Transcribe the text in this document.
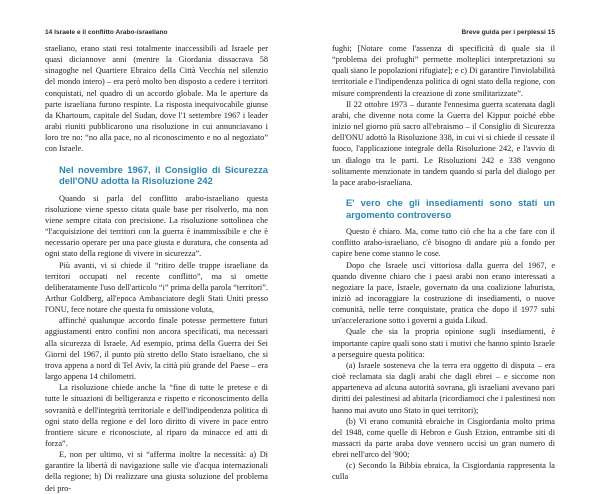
14 Israele e il conflitto Arabo-israeliano

sraeliano, erano stati resi totalmente inaccessibili ad Israele per quasi diciannove anni (mentre la Giordania dissacrava 58 sinagoghe nel Quartiere Ebraico della Città Vecchia nel silenzio del mondo intero) – era però molto ben disposto a cedere i territori conquistati, nel quadro di un accordo globale. Ma le aperture da parte israeliana furono respinte. La risposta inequivocabile giunse da Khartoum, capitale del Sudan, dove l'1 settembre 1967 i leader arabi riuniti pubblicarono una risoluzione in cui annunciavano i loro tre no: “no alla pace, no al riconoscimento e no al negoziato” con Israele.

Nel novembre 1967, il Consiglio di Sicurezza dell'ONU adotta la Risoluzione 242

Quando si parla del conflitto arabo-israeliano questa risoluzione viene spesso citata quale base per risolverlo, ma non viene sempre citata con precisione. La risoluzione sottolinea che “l'acquisizione dei territori con la guerra è inammissibile e che è necessario operare per una pace giusta e duratura, che consenta ad ogni stato della regione di vivere in sicurezza”.

Più avanti, vi si chiede il “ritiro delle truppe israeliane da territori occupati nel recente conflitto”, ma si omette deliberatamente l'uso dell'articolo “i” prima della parola “territori”. Arthur Goldberg, all'epoca Ambasciatore degli Stati Uniti presso l'ONU, fece notare che questa fu omissione voluta,

affinché qualunque accordo finale potesse permettere futuri aggiustamenti entro confini non ancora specificati, ma necessari alla sicurezza di Israele. Ad esempio, prima della Guerra dei Sei Giorni del 1967, il punto più stretto dello Stato israeliano, che si trova appena a nord di Tel Aviv, la città più grande del Paese – era largo appena 14 chilometri.

La risoluzione chiede anche la “fine di tutte le pretese e di tutte le situazioni di belligeranza e rispetto e riconoscimento della sovranità e dell'integrità territoriale e dell'indipendenza politica di ogni stato della regione e del loro diritto di vivere in pace entro frontiere sicure e riconosciute, al riparo da minacce ed atti di forza”.

E, non per ultimo, vi si “afferma inoltre la necessità: a) Di garantire la libertà di navigazione sulle vie d'acqua internazionali della regione; b) Di realizzare una giusta soluzione del problema dei pro-

Breve guida per i perplessi 15

fughi; [Notare come l'assenza di specificità di quale sia il “problema dei profughi” permette molteplici interpretazioni su quali siano le popolazioni rifugiate]; e c) Di garantire l'inviolabilità territoriale e l'indipendenza politica di ogni stato della regione, con misure comprendenti la creazione di zone smilitarizzate”.

Il 22 ottobre 1973 – durante l'ennesima guerra scatenata dagli arabi, che divenne nota come la Guerra del Kippur poiché ebbe inizio nel giorno più sacro all'ebraismo – il Consiglio di Sicurezza dell'ONU adottò la Risoluzione 338, in cui vi si chiede il cessate il fuoco, l'applicazione integrale della Risoluzione 242, e l'avvio di un dialogo tra le parti. Le Risoluzioni 242 e 338 vengono solitamente menzionate in tandem quando si parla del dialogo per la pace arabo-israeliana.

E' vero che gli insediamenti sono stati un argomento controverso

Questo è chiaro. Ma, come tutto ciò che ha a che fare con il conflitto arabo-israeliano, c'è bisogno di andare più a fondo per capire bene come stanno le cose.

Dopo che Israele uscì vittoriosa dalla guerra del 1967, e quando divenne chiaro che i paesi arabi non erano interessati a negoziare la pace, Israele, governato da una coalizione laburista, iniziò ad incoraggiare la costruzione di insediamenti, o nuove comunità, nelle terre conquistate, pratica che dopo il 1977 subì un'accelerazione sotto i governi a guida Likud.

Quale che sia la propria opinione sugli insediamenti, è importante capire quali sono stati i motivi che hanno spinto Israele a perseguire questa politica:

(a) Israele sosteneva che la terra era oggetto di disputa – era cioè reclamata sia dagli arabi che dagli ebrei – e siccome non apparteneva ad alcuna autorità sovrana, gli israeliani avevano pari diritti dei palestinesi ad abitarla (ricordiamoci che i palestinesi non hanno mai avuto uno Stato in quei territori);

(b) Vi erano comunità ebraiche in Cisgiordania molto prima del 1948, come quelle di Hebron e Gush Etzion, entrambe siti di massacri da parte araba dove vennero uccisi un gran numero di ebrei nell'arco del '900;

(c) Secondo la Bibbia ebraica, la Cisgiordania rappresenta la culla
